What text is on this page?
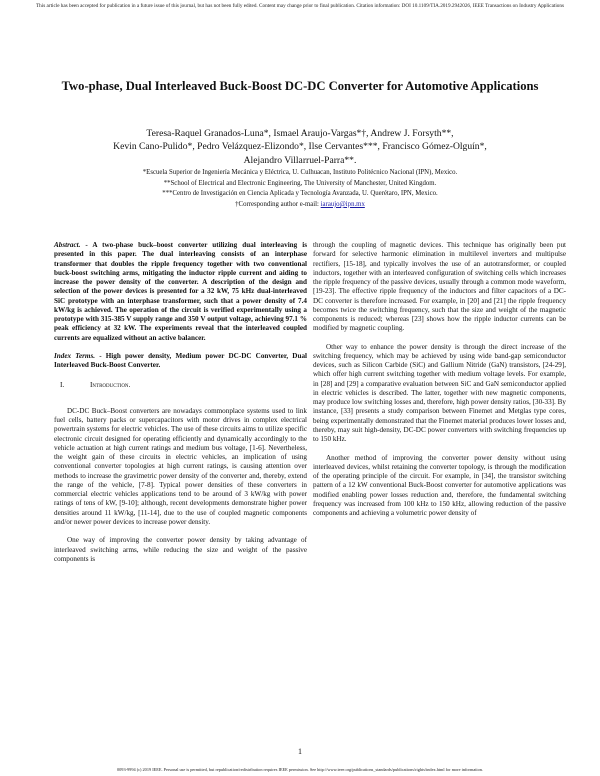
This article has been accepted for publication in a future issue of this journal, but has not been fully edited. Content may change prior to final publication. Citation information: DOI 10.1109/TIA.2019.2942026, IEEE Transactions on Industry Applications
Two-phase, Dual Interleaved Buck-Boost DC-DC Converter for Automotive Applications
Teresa-Raquel Granados-Luna*, Ismael Araujo-Vargas*†, Andrew J. Forsyth**,
Kevin Cano-Pulido*, Pedro Velázquez-Elizondo*, Ilse Cervantes***, Francisco Gómez-Olguín*,
Alejandro Villarruel-Parra**.
*Escuela Superior de Ingeniería Mecánica y Eléctrica, U. Culhuacan, Instituto Politécnico Nacional (IPN), Mexico.
**School of Electrical and Electronic Engineering, The University of Manchester, United Kingdom.
***Centro de Investigación en Ciencia Aplicada y Tecnología Avanzada, U. Querétaro, IPN, Mexico.
†Corresponding author e-mail: iaraujo@ipn.mx

Abstract. - A two-phase buck–boost converter utilizing dual interleaving is presented in this paper. The dual interleaving consists of an interphase transformer that doubles the ripple frequency together with two conventional buck-boost switching arms, mitigating the inductor ripple current and aiding to increase the power density of the converter. A description of the design and selection of the power devices is presented for a 32 kW, 75 kHz dual-interleaved SiC prototype with an interphase transformer, such that a power density of 7.4 kW/kg is achieved. The operation of the circuit is verified experimentally using a prototype with 315-385 V supply range and 350 V output voltage, achieving 97.1 % peak efficiency at 32 kW. The experiments reveal that the interleaved coupled currents are equalized without an active balancer.

Index Terms. - High power density, Medium power DC-DC Converter, Dual Interleaved Buck-Boost Converter.

I.	Introduction.

DC-DC Buck–Boost converters are nowadays commonplace systems used to link fuel cells, battery packs or supercapacitors with motor drives in complex electrical powertrain systems for electric vehicles. The use of these circuits aims to utilize specific electronic circuit designed for operating efficiently and dynamically accordingly to the vehicle actuation at high current ratings and medium bus voltage, [1-6]. Nevertheless, the weight gain of these circuits in electric vehicles, an implication of using conventional converter topologies at high current ratings, is causing attention over methods to increase the gravimetric power density of the converter and, thereby, extend the range of the vehicle, [7-8]. Typical power densities of these converters in commercial electric vehicles applications tend to be around of 3 kW/kg with power ratings of tens of kW, [9-10]; although, recent developments demonstrate higher power densities around 11 kW/kg, [11-14], due to the use of coupled magnetic components and/or newer power devices to increase power density.

One way of improving the converter power density by taking advantage of interleaved switching arms, while reducing the size and weight of the passive components is

through the coupling of magnetic devices. This technique has originally been put forward for selective harmonic elimination in multilevel inverters and multipulse rectifiers, [15-18], and typically involves the use of an autotransformer, or coupled inductors, together with an interleaved configuration of switching cells which increases the ripple frequency of the passive devices, usually through a common mode waveform, [19-23]. The effective ripple frequency of the inductors and filter capacitors of a DC-DC converter is therefore increased. For example, in [20] and [21] the ripple frequency becomes twice the switching frequency, such that the size and weight of the magnetic components is reduced; whereas [23] shows how the ripple inductor currents can be modified by magnetic coupling.

Other way to enhance the power density is through the direct increase of the switching frequency, which may be achieved by using wide band-gap semiconductor devices, such as Silicon Carbide (SiC) and Gallium Nitride (GaN) transistors, [24-29], which offer high current switching together with medium voltage levels. For example, in [28] and [29] a comparative evaluation between SiC and GaN semiconductor applied in electric vehicles is described. The latter, together with new magnetic components, may produce low switching losses and, therefore, high power density ratios, [30-33]. By instance, [33] presents a study comparison between Finemet and Metglas type cores, being experimentally demonstrated that the Finemet material produces lower losses and, thereby, may suit high-density, DC-DC power converters with switching frequencies up to 150 kHz.

Another method of improving the converter power density without using interleaved devices, whilst retaining the converter topology, is through the modification of the operating principle of the circuit. For example, in [34], the transistor switching pattern of a 12 kW conventional Buck-Boost converter for automotive applications was modified enabling power losses reduction and, therefore, the fundamental switching frequency was increased from 100 kHz to 150 kHz, allowing reduction of the passive components and achieving a volumetric power density of

1
0093-9994 (c) 2019 IEEE. Personal use is permitted, but republication/redistribution requires IEEE permission. See http://www.ieee.org/publications_standards/publications/rights/index.html for more information.
